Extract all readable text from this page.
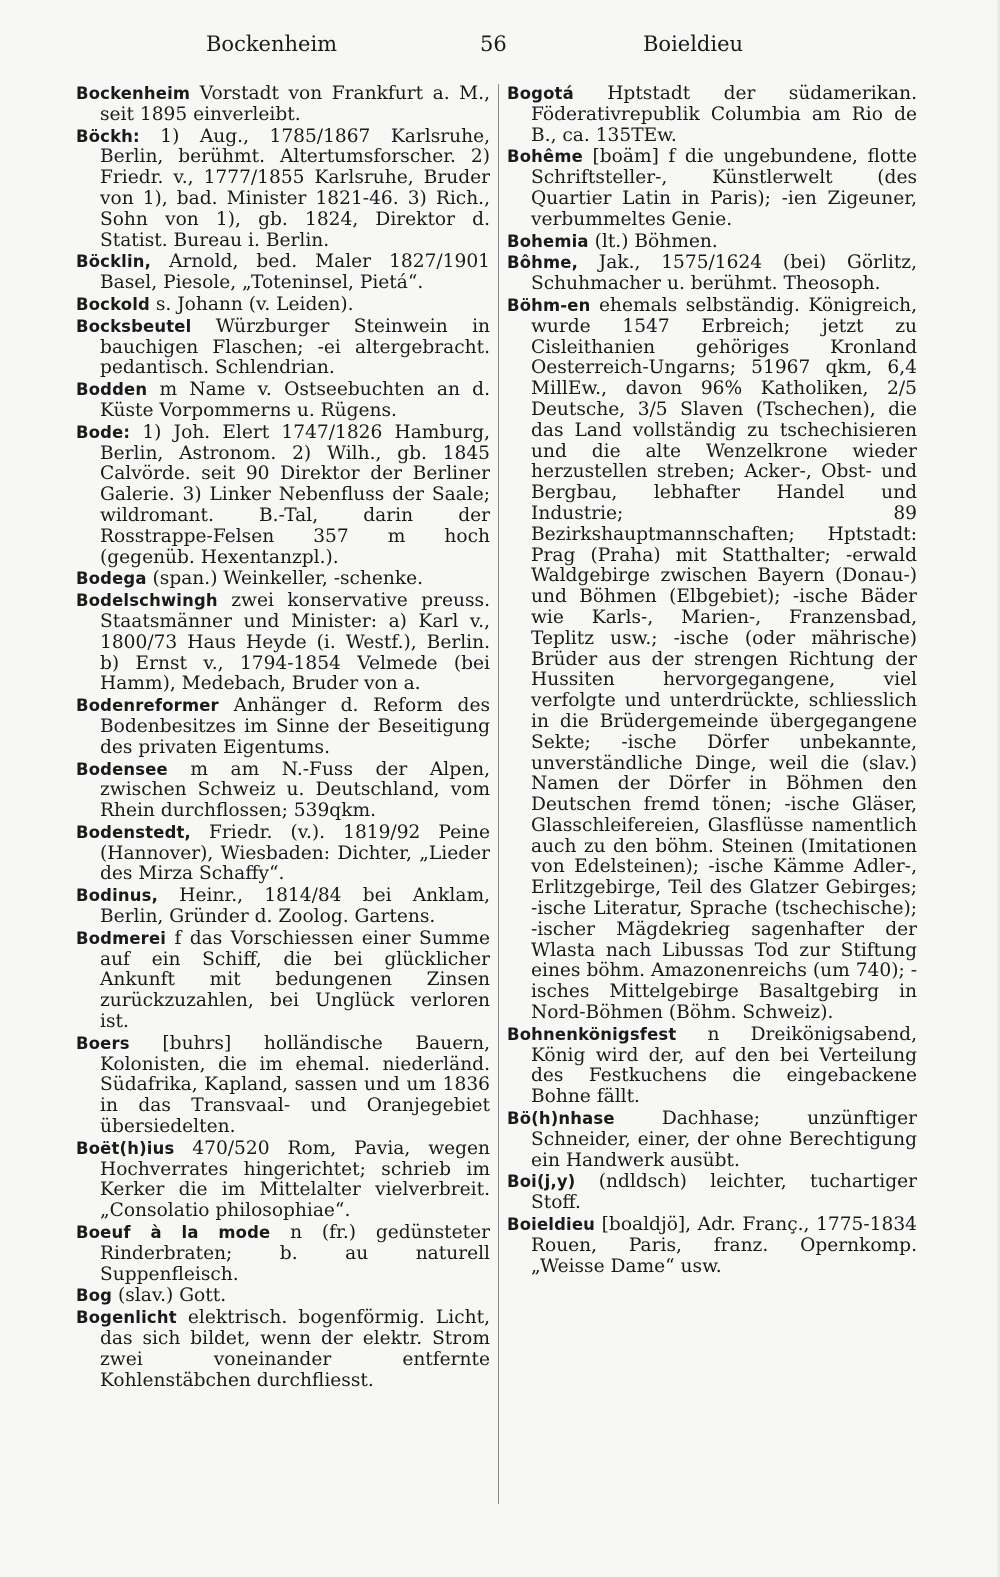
Bockenheim	56	Boieldieu

Bockenheim Vorstadt von Frankfurt a. M., seit 1895 einverleibt.

Böckh: 1) Aug., 1785/1867 Karlsruhe, Berlin, berühmt. Altertumsforscher. 2) Friedr. v., 1777/1855 Karlsruhe, Bruder von 1), bad. Minister 1821-46. 3) Rich., Sohn von 1), gb. 1824, Direktor d. Statist. Bureau i. Berlin.

Böcklin, Arnold, bed. Maler 1827/1901 Basel, Piesole, „Toteninsel, Pietá“.

Bockold s. Johann (v. Leiden).

Bocksbeutel Würzburger Steinwein in bauchigen Flaschen; -ei altergebracht. pedantisch. Schlendrian.

Bodden m Name v. Ostseebuchten an d. Küste Vorpommerns u. Rügens.

Bode: 1) Joh. Elert 1747/1826 Hamburg, Berlin, Astronom. 2) Wilh., gb. 1845 Calvörde. seit 90 Direktor der Berliner Galerie. 3) Linker Nebenfluss der Saale; wildromant. B.-Tal, darin der Rosstrappe-Felsen 357 m hoch (gegenüb. Hexentanzpl.).

Bodega (span.) Weinkeller, -schenke.

Bodelschwingh zwei konservative preuss. Staatsmänner und Minister: a) Karl v., 1800/73 Haus Heyde (i. Westf.), Berlin. b) Ernst v., 1794-1854 Velmede (bei Hamm), Medebach, Bruder von a.

Bodenreformer Anhänger d. Reform des Bodenbesitzes im Sinne der Beseitigung des privaten Eigentums.

Bodensee m am N.-Fuss der Alpen, zwischen Schweiz u. Deutschland, vom Rhein durchflossen; 539qkm.

Bodenstedt, Friedr. (v.). 1819/92 Peine (Hannover), Wiesbaden: Dichter, „Lieder des Mirza Schaffy“.

Bodinus, Heinr., 1814/84 bei Anklam, Berlin, Gründer d. Zoolog. Gartens.

Bodmerei f das Vorschiessen einer Summe auf ein Schiff, die bei glücklicher Ankunft mit bedungenen Zinsen zurückzuzahlen, bei Unglück verloren ist.

Boers [buhrs] holländische Bauern, Kolonisten, die im ehemal. niederländ. Südafrika, Kapland, sassen und um 1836 in das Transvaal- und Oranjegebiet übersiedelten.

Boët(h)ius 470/520 Rom, Pavia, wegen Hochverrates hingerichtet; schrieb im Kerker die im Mittelalter vielverbreit. „Consolatio philosophiae“.

Boeuf à la mode n (fr.) gedünsteter Rinderbraten; b. au naturell Suppenfleisch.

Bog (slav.) Gott.

Bogenlicht elektrisch. bogenförmig. Licht, das sich bildet, wenn der elektr. Strom zwei voneinander entfernte Kohlenstäbchen durchfliesst.

Bogotá Hptstadt der südamerikan. Föderativrepublik Columbia am Rio de B., ca. 135TEw.

Bohême [boäm] f die ungebundene, flotte Schriftsteller-, Künstlerwelt (des Quartier Latin in Paris); -ien Zigeuner, verbummeltes Genie.

Bohemia (lt.) Böhmen.

Bôhme, Jak., 1575/1624 (bei) Görlitz, Schuhmacher u. berühmt. Theosoph.

Böhm-en ehemals selbständig. Königreich, wurde 1547 Erbreich; jetzt zu Cisleithanien gehöriges Kronland Oesterreich-Ungarns; 51967 qkm, 6,4 MillEw., davon 96% Katholiken, 2/5 Deutsche, 3/5 Slaven (Tschechen), die das Land vollständig zu tschechisieren und die alte Wenzelkrone wieder herzustellen streben; Acker-, Obst- und Bergbau, lebhafter Handel und Industrie; 89 Bezirkshauptmannschaften; Hptstadt: Prag (Praha) mit Statthalter; -erwald Waldgebirge zwischen Bayern (Donau-) und Böhmen (Elbgebiet); -ische Bäder wie Karls-, Marien-, Franzensbad, Teplitz usw.; -ische (oder mährische) Brüder aus der strengen Richtung der Hussiten hervorgegangene, viel verfolgte und unterdrückte, schliesslich in die Brüdergemeinde übergegangene Sekte; -ische Dörfer unbekannte, unverständliche Dinge, weil die (slav.) Namen der Dörfer in Böhmen den Deutschen fremd tönen; -ische Gläser, Glasschleifereien, Glasflüsse namentlich auch zu den böhm. Steinen (Imitationen von Edelsteinen); -ische Kämme Adler-, Erlitzgebirge, Teil des Glatzer Gebirges; -ische Literatur, Sprache (tschechische); -ischer Mägdekrieg sagenhafter der Wlasta nach Libussas Tod zur Stiftung eines böhm. Amazonenreichs (um 740); -isches Mittelgebirge Basaltgebirg in Nord-Böhmen (Böhm. Schweiz).

Bohnenkönigsfest n Dreikönigsabend, König wird der, auf den bei Verteilung des Festkuchens die eingebackene Bohne fällt.

Bö(h)nhase Dachhase; unzünftiger Schneider, einer, der ohne Berechtigung ein Handwerk ausübt.

Boi(j,y) (ndldsch) leichter, tuchartiger Stoff.

Boieldieu [boaldjö], Adr. Franç., 1775-1834 Rouen, Paris, franz. Opernkomp. „Weisse Dame“ usw.
